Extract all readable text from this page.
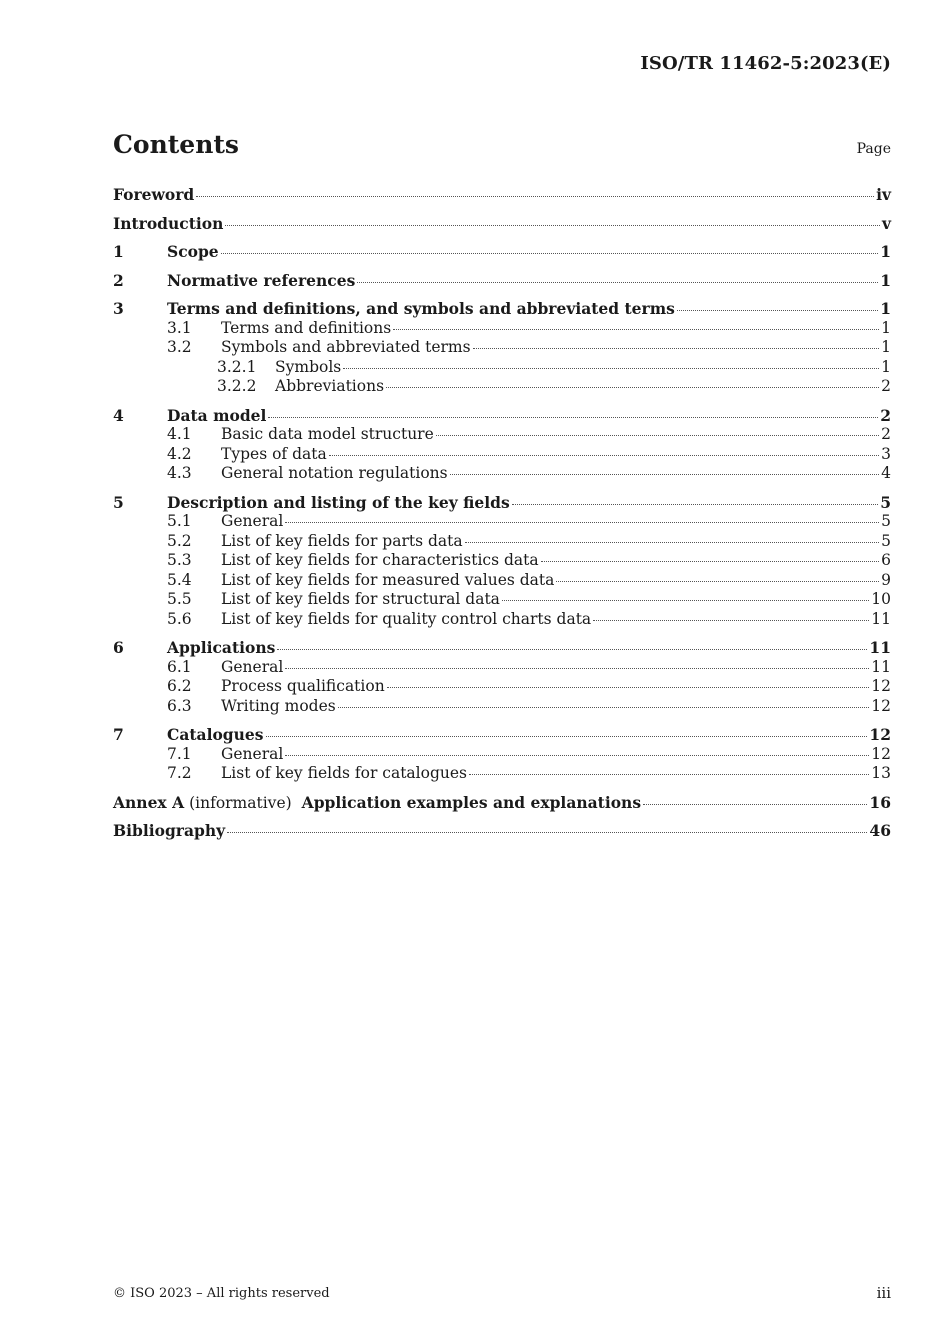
ISO/TR 11462-5:2023(E)
Contents	Page
Foreword	iv
Introduction	v
1	Scope	1
2	Normative references	1
3	Terms and definitions, and symbols and abbreviated terms	1
3.1	Terms and definitions	1
3.2	Symbols and abbreviated terms	1
3.2.1	Symbols	1
3.2.2	Abbreviations	2
4	Data model	2
4.1	Basic data model structure	2
4.2	Types of data	3
4.3	General notation regulations	4
5	Description and listing of the key fields	5
5.1	General	5
5.2	List of key fields for parts data	5
5.3	List of key fields for characteristics data	6
5.4	List of key fields for measured values data	9
5.5	List of key fields for structural data	10
5.6	List of key fields for quality control charts data	11
6	Applications	11
6.1	General	11
6.2	Process qualification	12
6.3	Writing modes	12
7	Catalogues	12
7.1	General	12
7.2	List of key fields for catalogues	13
Annex A (informative) Application examples and explanations	16
Bibliography	46
© ISO 2023 – All rights reserved	iii
